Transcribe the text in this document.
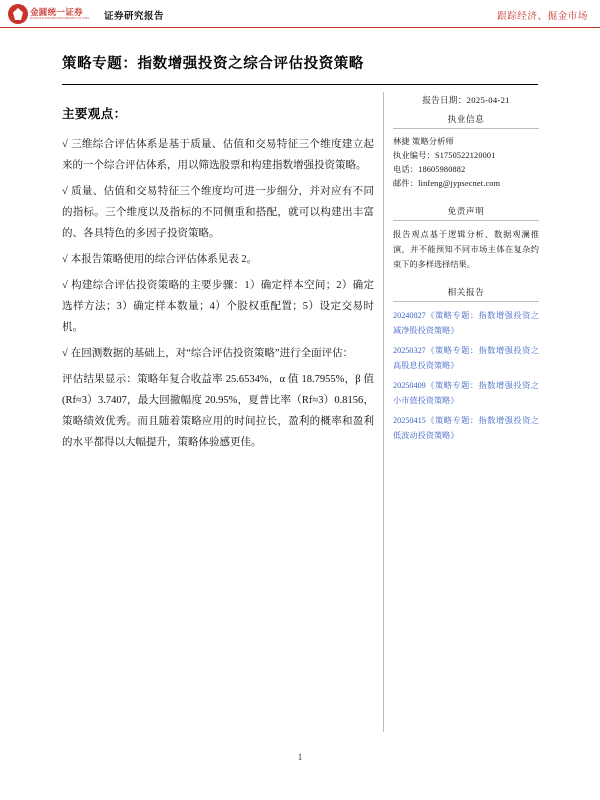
金圆统一证券
JINYUAN UNITED SECURITIES CO.,LTD. 证券研究报告	跟踪经济、掘金市场
策略专题：指数增强投资之综合评估投资策略
主要观点：
√ 三维综合评估体系是基于质量、估值和交易特征三个维度建立起来的一个综合评估体系，用以筛选股票和构建指数增强投资策略。
√ 质量、估值和交易特征三个维度均可进一步细分，并对应有不同的指标。三个维度以及指标的不同侧重和搭配，就可以构建出丰富的、各具特色的多因子投资策略。
√ 本报告策略使用的综合评估体系见表 2。
√ 构建综合评估投资策略的主要步骤：1）确定样本空间；2）确定选样方法；3）确定样本数量；4）个股权重配置；5）设定交易时机。
√ 在回测数据的基础上，对“综合评估投资策略”进行全面评估：
评估结果显示：策略年复合收益率 25.6534%，α 值 18.7955%，β 值(Rf≈3）3.7407，最大回撤幅度 20.95%，夏普比率（Rf≈3）0.8156，策略绩效优秀。而且随着策略应用的时间拉长，盈利的概率和盈利的水平都得以大幅提升，策略体验感更佳。
报告日期：2025-04-21
执业信息
林捷 策略分析师
执业编号：S1750522120001
电话：18605980882
邮件：linfeng@jypsecnet.com
免责声明
报告观点基于逻辑分析、数据观澜推演，并不能预知不同市场主体在复杂约束下的多样选择结果。
相关报告
20240827《策略专题：指数增强投资之减净股投资策略》
20250327《策略专题：指数增强投资之高股息投资策略》
20250409《策略专题：指数增强投资之小市值投资策略》
20250415《策略专题：指数增强投资之低波动投资策略》
1
